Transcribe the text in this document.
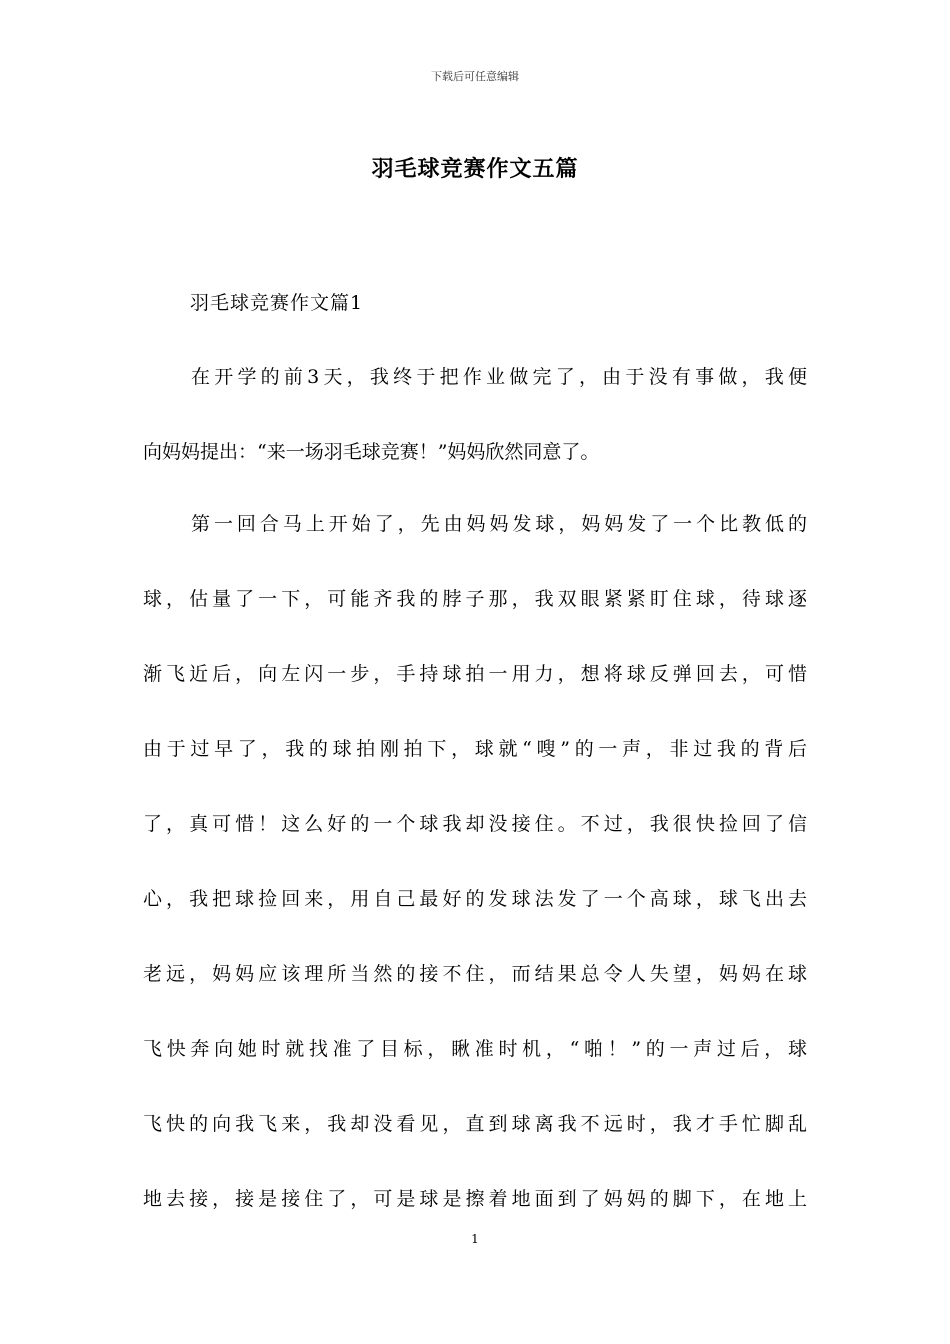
下载后可任意编辑
羽毛球竞赛作文五篇
羽毛球竞赛作文篇1
在开学的前3天，我终于把作业做完了，由于没有事做，我便
向妈妈提出：“来一场羽毛球竞赛！”妈妈欣然同意了。
第一回合马上开始了，先由妈妈发球，妈妈发了一个比教低的
球，估量了一下，可能齐我的脖子那，我双眼紧紧盯住球，待球逐
渐飞近后，向左闪一步，手持球拍一用力，想将球反弹回去，可惜
由于过早了，我的球拍刚拍下，球就“嗖”的一声，非过我的背后
了，真可惜！这么好的一个球我却没接住。不过，我很快捡回了信
心，我把球捡回来，用自己最好的发球法发了一个高球，球飞出去
老远，妈妈应该理所当然的接不住，而结果总令人失望，妈妈在球
飞快奔向她时就找准了目标，瞅准时机，“啪！”的一声过后，球
飞快的向我飞来，我却没看见，直到球离我不远时，我才手忙脚乱
地去接，接是接住了，可是球是擦着地面到了妈妈的脚下，在地上
1
